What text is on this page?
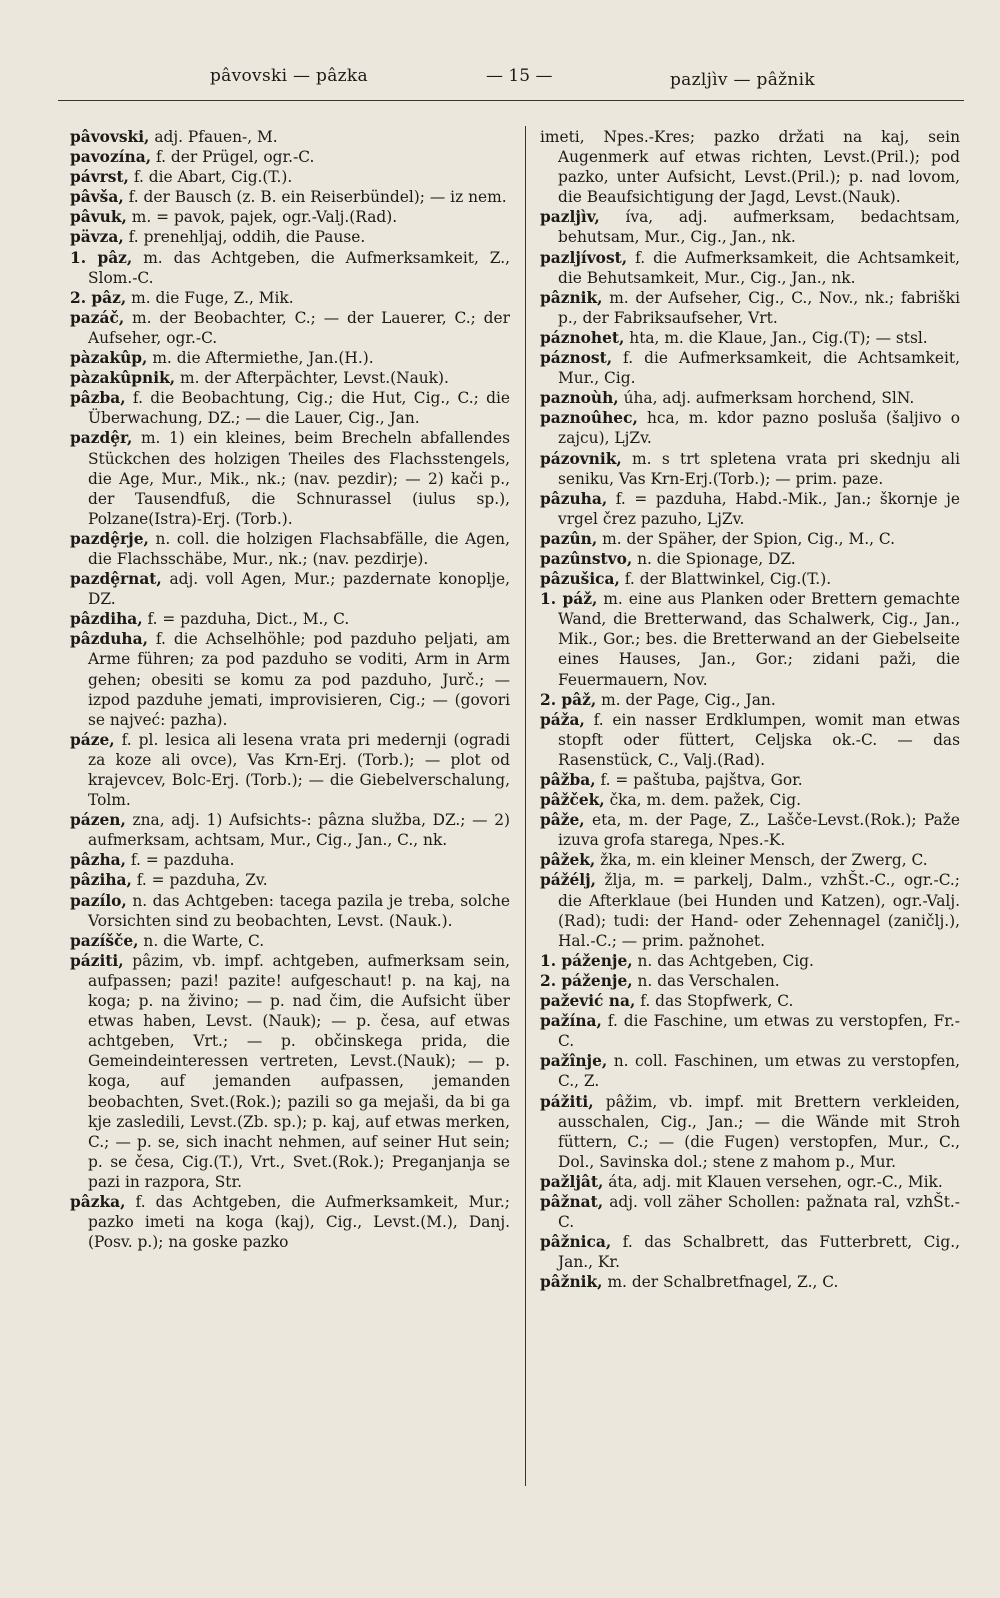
pâvovski — pâzka	— 15 —	pazljìv — pâžnik

pâvovski, adj. Pfauen-, M.

pavozína, f. der Prügel, ogr.-C.

pávrst, f. die Abart, Cig.(T.).

pâvša, f. der Bausch (z. B. ein Reiserbündel); — iz nem.

pâvuk, m. = pavok, pajek, ogr.-Valj.(Rad).

pävza, f. prenehljaj, oddih, die Pause.

1. pâz, m. das Achtgeben, die Aufmerksamkeit, Z., Slom.-C.

2. pâz, m. die Fuge, Z., Mik.

pazáč, m. der Beobachter, C.; — der Lauerer, C.; der Aufseher, ogr.-C.

pàzakûp, m. die Aftermiethe, Jan.(H.).

pàzakûpnik, m. der Afterpächter, Levst.(Nauk).

pâzba, f. die Beobachtung, Cig.; die Hut, Cig., C.; die Überwachung, DZ.; — die Lauer, Cig., Jan.

pazdȩ̂r, m. 1) ein kleines, beim Brecheln abfallendes Stückchen des holzigen Theiles des Flachsstengels, die Age, Mur., Mik., nk.; (nav. pezdir); — 2) kači p., der Tausendfuß, die Schnurassel (iulus sp.), Polzane(Istra)-Erj. (Torb.).

pazdȩ̂rje, n. coll. die holzigen Flachsabfälle, die Agen, die Flachsschäbe, Mur., nk.; (nav. pezdirje).

pazdȩ̂rnat, adj. voll Agen, Mur.; pazdernate konoplje, DZ.

pâzdiha, f. = pazduha, Dict., M., C.

pâzduha, f. die Achselhöhle; pod pazduho peljati, am Arme führen; za pod pazduho se voditi, Arm in Arm gehen; obesiti se komu za pod pazduho, Jurč.; — izpod pazduhe jemati, improvisieren, Cig.; — (govori se najveć: pazha).

páze, f. pl. lesica ali lesena vrata pri medernji (ogradi za koze ali ovce), Vas Krn-Erj. (Torb.); — plot od krajevcev, Bolc-Erj. (Torb.); — die Giebelverschalung, Tolm.

pázen, zna, adj. 1) Aufsichts-: pâzna služba, DZ.; — 2) aufmerksam, achtsam, Mur., Cig., Jan., C., nk.

pâzha, f. = pazduha.

pâziha, f. = pazduha, Zv.

pazílo, n. das Achtgeben: tacega pazila je treba, solche Vorsichten sind zu beobachten, Levst. (Nauk.).

pazíšče, n. die Warte, C.

páziti, pâzim, vb. impf. achtgeben, aufmerksam sein, aufpassen; pazi! pazite! aufgeschaut! p. na kaj, na koga; p. na živino; — p. nad čim, die Aufsicht über etwas haben, Levst. (Nauk); — p. česa, auf etwas achtgeben, Vrt.; — p. občinskega prida, die Gemeindeinteressen vertreten, Levst.(Nauk); — p. koga, auf jemanden aufpassen, jemanden beobachten, Svet.(Rok.); pazili so ga mejaši, da bi ga kje zasledili, Levst.(Zb. sp.); p. kaj, auf etwas merken, C.; — p. se, sich inacht nehmen, auf seiner Hut sein; p. se česa, Cig.(T.), Vrt., Svet.(Rok.); Preganjanja se pazi in razpora, Str.

pâzka, f. das Achtgeben, die Aufmerksamkeit, Mur.; pazko imeti na koga (kaj), Cig., Levst.(M.), Danj.(Posv. p.); na goske pazko

imeti, Npes.-Kres; pazko držati na kaj, sein Augenmerk auf etwas richten, Levst.(Pril.); pod pazko, unter Aufsicht, Levst.(Pril.); p. nad lovom, die Beaufsichtigung der Jagd, Levst.(Nauk).

pazljìv, íva, adj. aufmerksam, bedachtsam, behutsam, Mur., Cig., Jan., nk.

pazljívost, f. die Aufmerksamkeit, die Achtsamkeit, die Behutsamkeit, Mur., Cig., Jan., nk.

pâznik, m. der Aufseher, Cig., C., Nov., nk.; fabriški p., der Fabriksaufseher, Vrt.

páznohet, hta, m. die Klaue, Jan., Cig.(T); — stsl.

páznost, f. die Aufmerksamkeit, die Achtsamkeit, Mur., Cig.

paznoùh, úha, adj. aufmerksam horchend, SlN.

paznoûhec, hca, m. kdor pazno posluša (šaljivo o zajcu), LjZv.

pázovnik, m. s trt spletena vrata pri skednju ali seniku, Vas Krn-Erj.(Torb.); — prim. paze.

pâzuha, f. = pazduha, Habd.-Mik., Jan.; škornje je vrgel črez pazuho, LjZv.

pazûn, m. der Späher, der Spion, Cig., M., C.

pazûnstvo, n. die Spionage, DZ.

pâzušica, f. der Blattwinkel, Cig.(T.).

1. páž, m. eine aus Planken oder Brettern gemachte Wand, die Bretterwand, das Schalwerk, Cig., Jan., Mik., Gor.; bes. die Bretterwand an der Giebelseite eines Hauses, Jan., Gor.; zidani paži, die Feuermauern, Nov.

2. pâž, m. der Page, Cig., Jan.

páža, f. ein nasser Erdklumpen, womit man etwas stopft oder füttert, Celjska ok.-C. — das Rasenstück, C., Valj.(Rad).

pâžba, f. = paštuba, pajštva, Gor.

pâžček, čka, m. dem. pažek, Cig.

pâže, eta, m. der Page, Z., Lašče-Levst.(Rok.); Paže izuva grofa starega, Npes.-K.

pâžek, žka, m. ein kleiner Mensch, der Zwerg, C.

pážélj, žlja, m. = parkelj, Dalm., vzhŠt.-C., ogr.-C.; die Afterklaue (bei Hunden und Katzen), ogr.-Valj.(Rad); tudi: der Hand- oder Zehennagel (zaničlj.), Hal.-C.; — prim. pažnohet.

1. páženje, n. das Achtgeben, Cig.

2. páženje, n. das Verschalen.

pažević na, f. das Stopfwerk, C.

pažína, f. die Faschine, um etwas zu verstopfen, Fr.-C.

pažînje, n. coll. Faschinen, um etwas zu verstopfen, C., Z.

pážiti, pâžim, vb. impf. mit Brettern verkleiden, ausschalen, Cig., Jan.; — die Wände mit Stroh füttern, C.; — (die Fugen) verstopfen, Mur., C., Dol., Savinska dol.; stene z mahom p., Mur.

pažljât, áta, adj. mit Klauen versehen, ogr.-C., Mik.

pâžnat, adj. voll zäher Schollen: pažnata ral, vzhŠt.-C.

pâžnica, f. das Schalbrett, das Futterbrett, Cig., Jan., Kr.

pâžnik, m. der Schalbretfnagel, Z., C.
